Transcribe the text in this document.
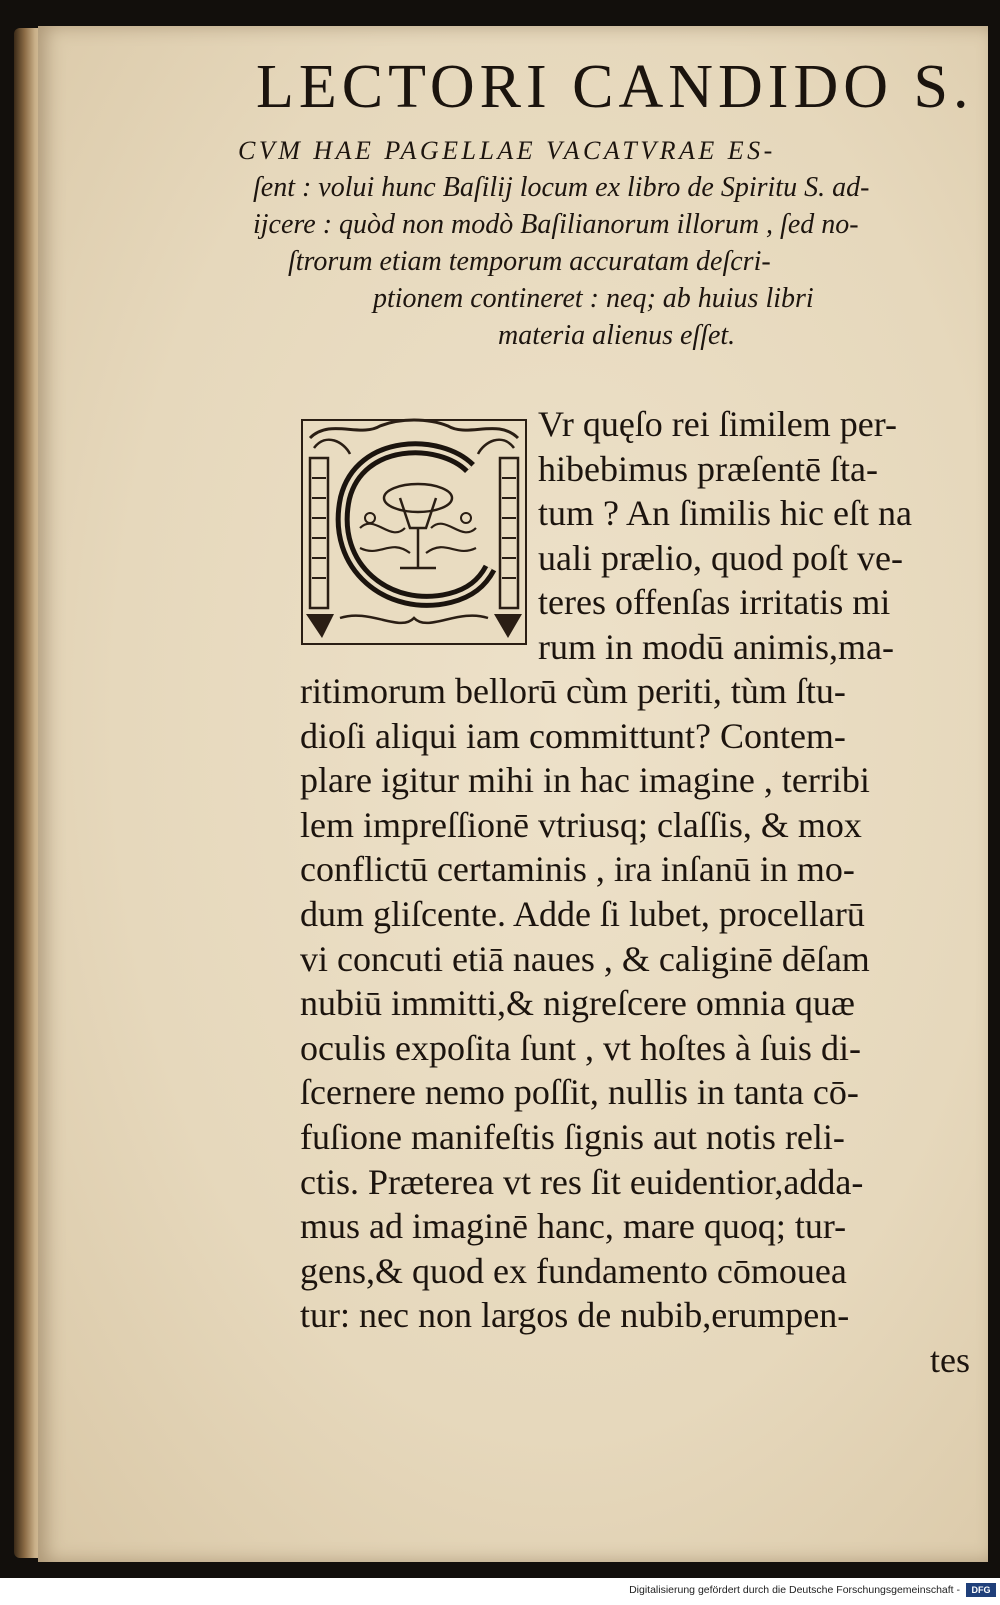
LECTORI CANDIDO S.
CVM HAE PAGELLAE VACATVRAE ES-
ſent : volui hunc Baſilij locum ex libro de Spiritu S. ad-
ijcere : quòd non modò Baſilianorum illorum , ſed no-
ſtrorum etiam temporum accuratam deſcri-
ptionem contineret : neq; ab huius libri
materia alienus eſſet.
Vr quęſo rei ſimilem per-
hibebimus præſentē ſta-
tum ? An ſimilis hic eſt na
uali prælio, quod poſt ve-
teres offenſas irritatis mi
rum in modū animis,ma-
ritimorum bellorū cùm periti, tùm ſtu-
dioſi aliqui iam committunt? Contem-
plare igitur mihi in hac imagine , terribi
lem impreſſionē vtriusq; claſſis, & mox
conflictū certaminis , ira inſanū in mo-
dum gliſcente. Adde ſi lubet, procellarū
vi concuti etiā naues , & caliginē dēſam
nubiū immitti,& nigreſcere omnia quæ
oculis expoſita ſunt , vt hoſtes à ſuis di-
ſcernere nemo poſſit, nullis in tanta cō-
fuſione manifeſtis ſignis aut notis reli-
ctis. Præterea vt res ſit euidentior,adda-
mus ad imaginē hanc, mare quoq; tur-
gens,& quod ex fundamento cōmouea
tur: nec non largos de nubib,erumpen-
tes
Digitalisierung gefördert durch die Deutsche Forschungsgemeinschaft -	DFG
